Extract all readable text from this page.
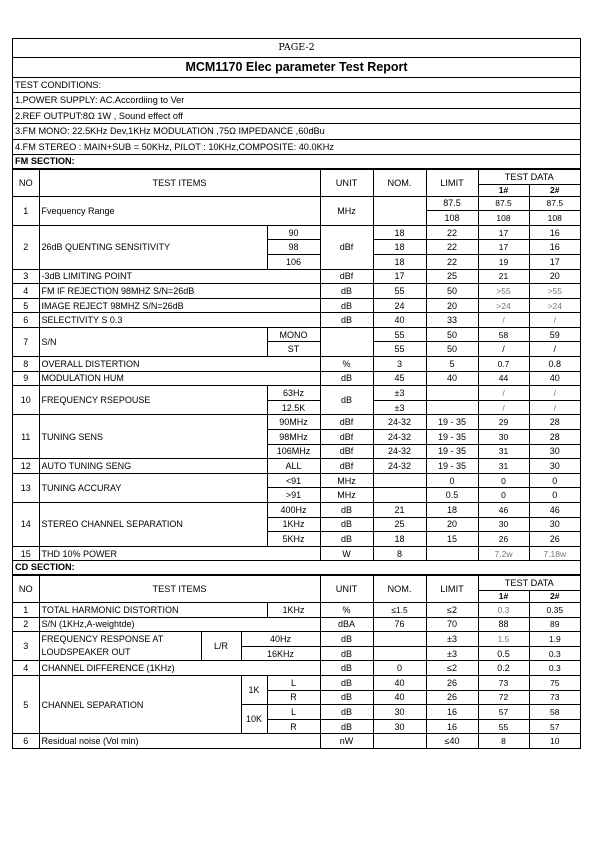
PAGE-2
MCM1170 Elec parameter Test Report
TEST CONDITIONS:
1.POWER SUPPLY: AC.Accordiing to Ver
2.REF OUTPUT:8Ω 1W , Sound effect off
3.FM MONO: 22.5KHz Dev,1KHz MODULATION ,75Ω IMPEDANCE ,60dBu
4.FM STEREO : MAIN+SUB = 50KHz, PILOT : 10KHz,COMPOSITE: 40.0KHz
FM SECTION:
NO	TEST ITEMS		UNIT	NOM.	LIMIT	TEST DATA	
						1#	2#
1	Fvequency Range		MHz		87.5	87.5	87.5
					108	108	108
2	26dB QUENTING SENSITIVITY	90	dBf	18	22	17	16
		98		18	22	17	16
		106		18	22	19	17
3	-3dB LIMITING POINT		dBf	17	25	21	20
4	FM IF REJECTION 98MHZ S/N=26dB		dB	55	50	>55	>55
5	IMAGE REJECT 98MHZ S/N=26dB		dB	24	20	>24	>24
6	SELECTIVITY S 0.3		dB	40	33	/	/
7	S/N	MONO		55	50	58	59
		ST		55	50	/	/
8	OVERALL DISTERTION		%	3	5	0.7	0.8
9	MODULATION HUM		dB	45	40	44	40
10	FREQUENCY RSEPOUSE	63Hz	dB	±3		/	/
		12.5K		±3		/	/
11	TUNING SENS	90MHz	dBf	24-32	19 - 35	29	28
		98MHz	dBf	24-32	19 - 35	30	28
		106MHz	dBf	24-32	19 - 35	31	30
12	AUTO TUNING SENG	ALL	dBf	24-32	19 - 35	31	30
13	TUNING ACCURAY	<91	MHz		0	0	0
		>91	MHz		0.5	0	0
14	STEREO CHANNEL SEPARATION	400Hz	dB	21	18	46	46
		1KHz	dB	25	20	30	30
		5KHz	dB	18	15	26	26
15	THD 10% POWER		W	8		7.2w	7.18w
CD SECTION:
NO	TEST ITEMS				UNIT	NOM.	LIMIT	TEST DATA	
								1#	2#
1	TOTAL HARMONIC DISTORTION			1KHz	%	≤1.5	≤2	0.3	0.35
2	S/N (1KHz,A-weightde)				dBA	76	70	88	89
3	FREQUENCY RESPONSE AT
LOUDSPEAKER OUT	L/R	40Hz		dB		±3	1.5	1.9
			16KHz		dB		±3	0.5	0.3
4	CHANNEL DIFFERENCE (1KHz)				dB	0	≤2	0.2	0.3
5	CHANNEL SEPARATION		1K	L	dB	40	26	73	75
				R	dB	40	26	72	73
			10K	L	dB	30	16	57	58
				R	dB	30	16	55	57
6	Residual noise (Vol min)				nW		≤40	8	10
